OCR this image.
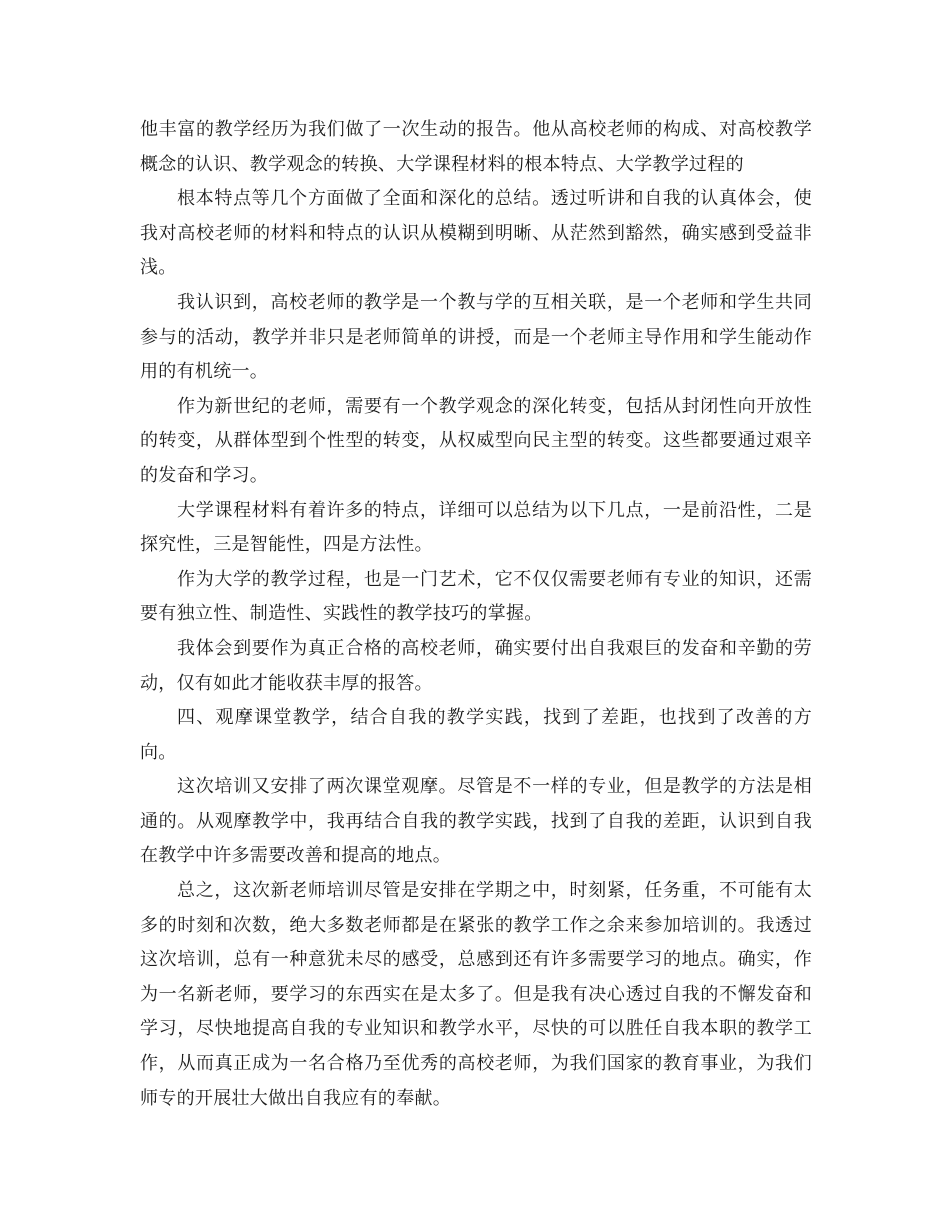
他丰富的教学经历为我们做了一次生动的报告。他从高校老师的构成、对高校教学概念的认识、教学观念的转换、大学课程材料的根本特点、大学教学过程的

根本特点等几个方面做了全面和深化的总结。透过听讲和自我的认真体会，使我对高校老师的材料和特点的认识从模糊到明晰、从茫然到豁然，确实感到受益非浅。

我认识到，高校老师的教学是一个教与学的互相关联，是一个老师和学生共同参与的活动，教学并非只是老师简单的讲授，而是一个老师主导作用和学生能动作用的有机统一。

作为新世纪的老师，需要有一个教学观念的深化转变，包括从封闭性向开放性的转变，从群体型到个性型的转变，从权威型向民主型的转变。这些都要通过艰辛的发奋和学习。

大学课程材料有着许多的特点，详细可以总结为以下几点，一是前沿性，二是探究性，三是智能性，四是方法性。

作为大学的教学过程，也是一门艺术，它不仅仅需要老师有专业的知识，还需要有独立性、制造性、实践性的教学技巧的掌握。

我体会到要作为真正合格的高校老师，确实要付出自我艰巨的发奋和辛勤的劳动，仅有如此才能收获丰厚的报答。

四、观摩课堂教学，结合自我的教学实践，找到了差距，也找到了改善的方向。

这次培训又安排了两次课堂观摩。尽管是不一样的专业，但是教学的方法是相通的。从观摩教学中，我再结合自我的教学实践，找到了自我的差距，认识到自我在教学中许多需要改善和提高的地点。

总之，这次新老师培训尽管是安排在学期之中，时刻紧，任务重，不可能有太多的时刻和次数，绝大多数老师都是在紧张的教学工作之余来参加培训的。我透过这次培训，总有一种意犹未尽的感受，总感到还有许多需要学习的地点。确实，作为一名新老师，要学习的东西实在是太多了。但是我有决心透过自我的不懈发奋和学习，尽快地提高自我的专业知识和教学水平，尽快的可以胜任自我本职的教学工作，从而真正成为一名合格乃至优秀的高校老师，为我们国家的教育事业，为我们师专的开展壮大做出自我应有的奉献。
